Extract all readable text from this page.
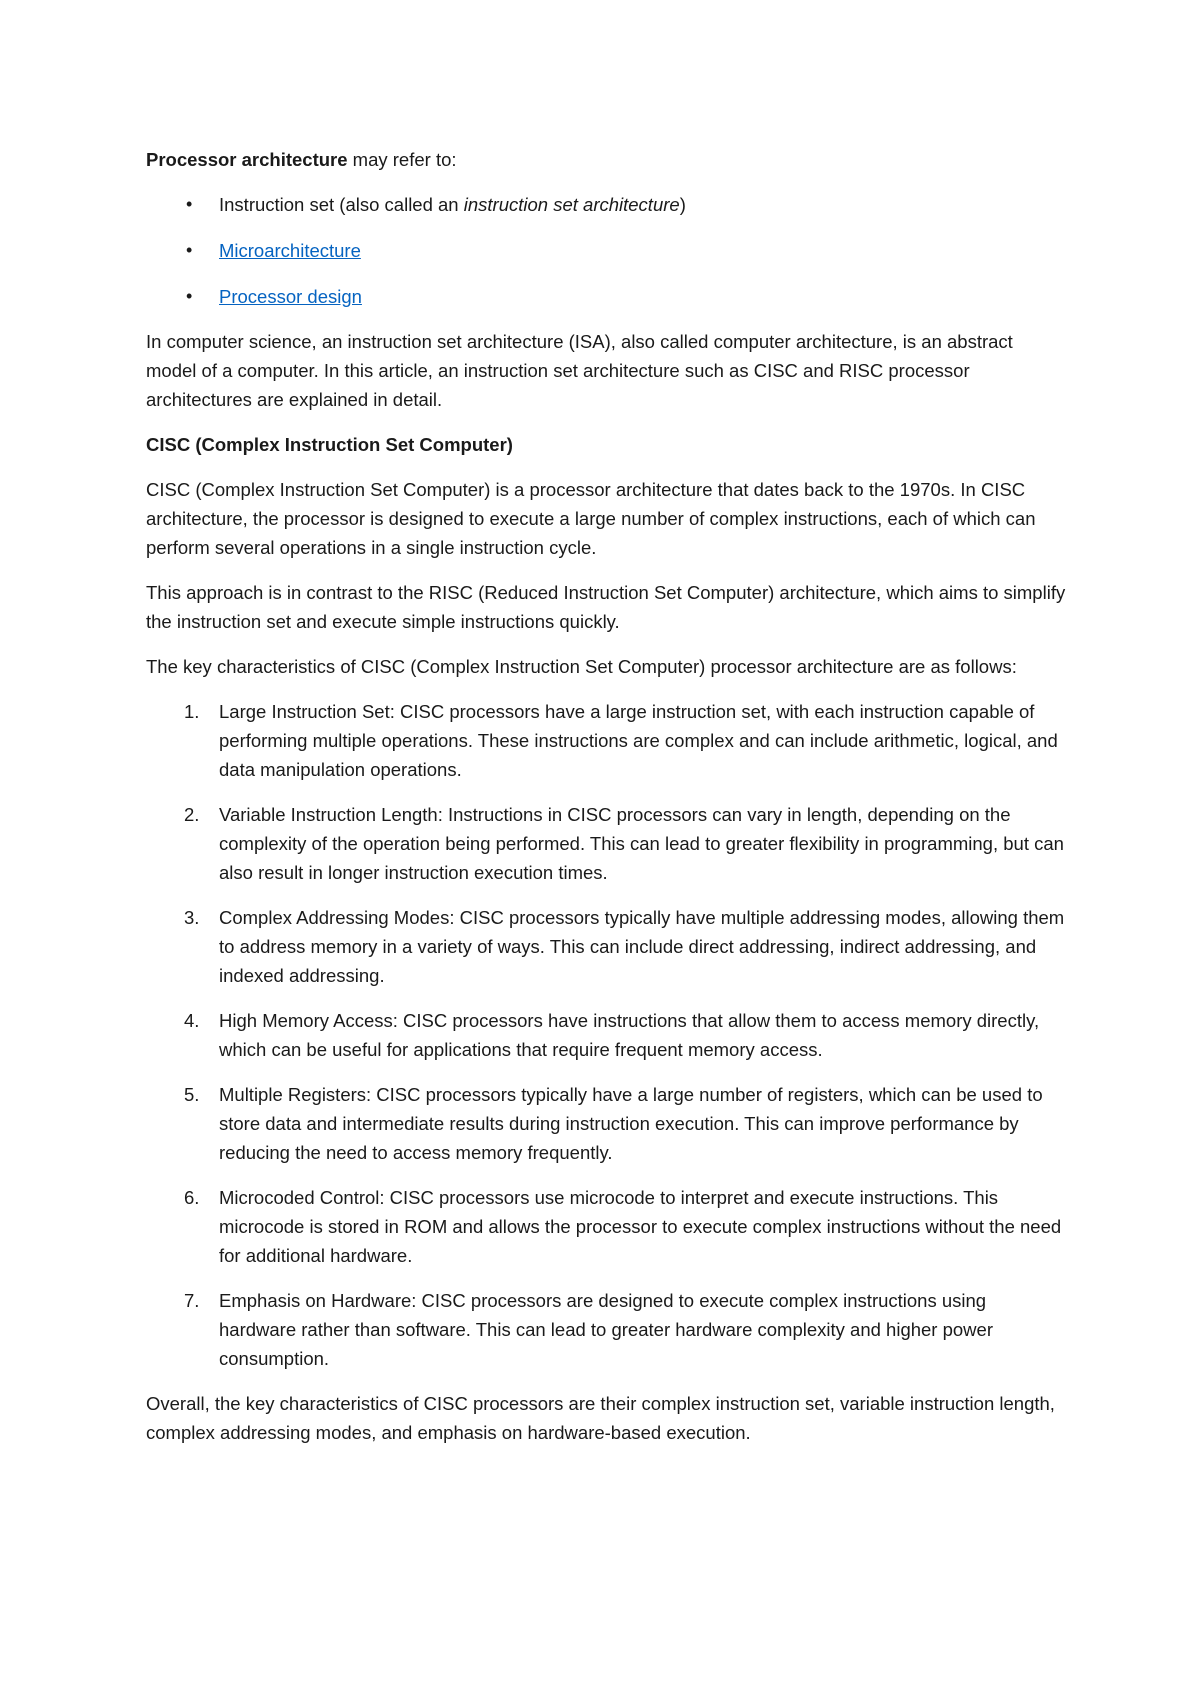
Processor architecture may refer to:

• Instruction set (also called an instruction set architecture)
• Microarchitecture
• Processor design

In computer science, an instruction set architecture (ISA), also called computer architecture, is an abstract model of a computer. In this article, an instruction set architecture such as CISC and RISC processor architectures are explained in detail.

CISC (Complex Instruction Set Computer)

CISC (Complex Instruction Set Computer) is a processor architecture that dates back to the 1970s. In CISC architecture, the processor is designed to execute a large number of complex instructions, each of which can perform several operations in a single instruction cycle.

This approach is in contrast to the RISC (Reduced Instruction Set Computer) architecture, which aims to simplify the instruction set and execute simple instructions quickly.

The key characteristics of CISC (Complex Instruction Set Computer) processor architecture are as follows:

1. Large Instruction Set: CISC processors have a large instruction set, with each instruction capable of performing multiple operations. These instructions are complex and can include arithmetic, logical, and data manipulation operations.
2. Variable Instruction Length: Instructions in CISC processors can vary in length, depending on the complexity of the operation being performed. This can lead to greater flexibility in programming, but can also result in longer instruction execution times.
3. Complex Addressing Modes: CISC processors typically have multiple addressing modes, allowing them to address memory in a variety of ways. This can include direct addressing, indirect addressing, and indexed addressing.
4. High Memory Access: CISC processors have instructions that allow them to access memory directly, which can be useful for applications that require frequent memory access.
5. Multiple Registers: CISC processors typically have a large number of registers, which can be used to store data and intermediate results during instruction execution. This can improve performance by reducing the need to access memory frequently.
6. Microcoded Control: CISC processors use microcode to interpret and execute instructions. This microcode is stored in ROM and allows the processor to execute complex instructions without the need for additional hardware.
7. Emphasis on Hardware: CISC processors are designed to execute complex instructions using hardware rather than software. This can lead to greater hardware complexity and higher power consumption.

Overall, the key characteristics of CISC processors are their complex instruction set, variable instruction length, complex addressing modes, and emphasis on hardware-based execution.
